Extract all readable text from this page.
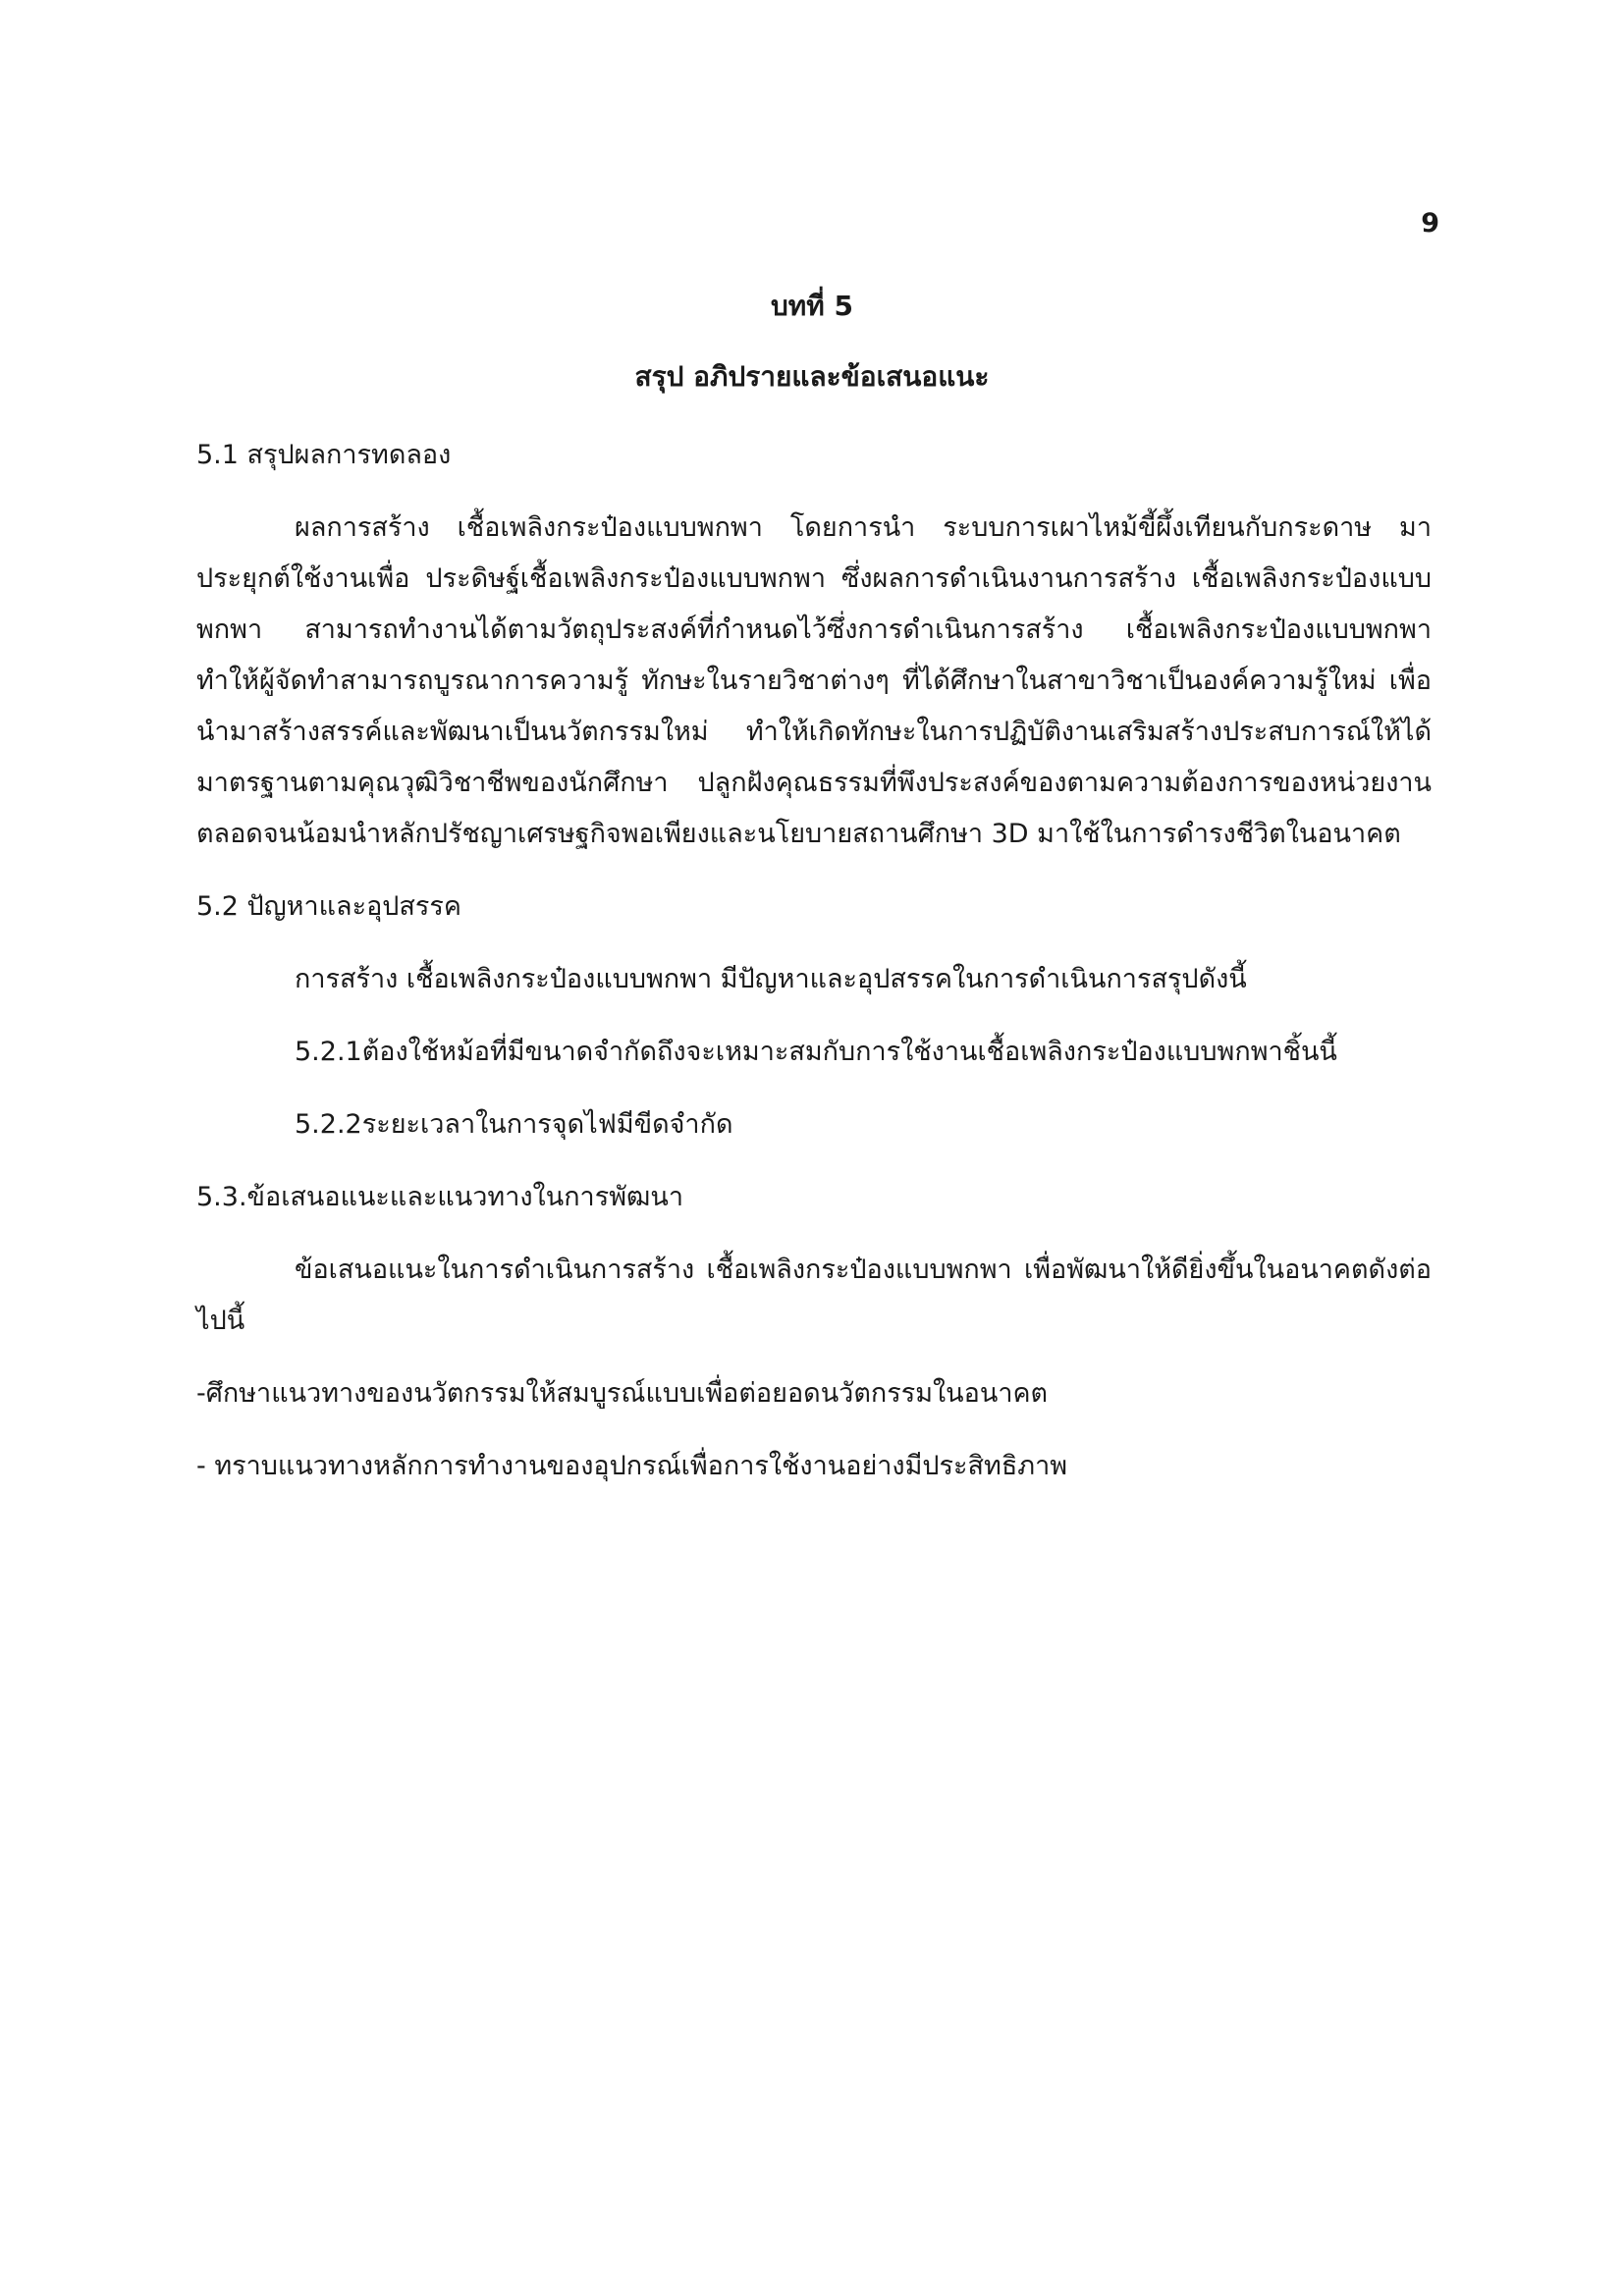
9
บทที่ 5
สรุป อภิปรายและข้อเสนอแนะ

5.1 สรุปผลการทดลอง

ผลการสร้าง เชื้อเพลิงกระป๋องแบบพกพา โดยการนำ ระบบการเผาไหม้ขี้ผึ้งเทียนกับกระดาษ มาประยุกต์ใช้งานเพื่อ ประดิษฐ์เชื้อเพลิงกระป๋องแบบพกพา ซึ่งผลการดำเนินงานการสร้าง เชื้อเพลิงกระป๋องแบบพกพา สามารถทำงานได้ตามวัตถุประสงค์ที่กำหนดไว้ซึ่งการดำเนินการสร้าง เชื้อเพลิงกระป๋องแบบพกพา ทำให้ผู้จัดทำสามารถบูรณาการความรู้ ทักษะในรายวิชาต่างๆ ที่ได้ศึกษาในสาขาวิชาเป็นองค์ความรู้ใหม่ เพื่อนำมาสร้างสรรค์และพัฒนาเป็นนวัตกรรมใหม่ ทำให้เกิดทักษะในการปฏิบัติงานเสริมสร้างประสบการณ์ให้ได้มาตรฐานตามคุณวุฒิวิชาชีพของนักศึกษา ปลูกฝังคุณธรรมที่พึงประสงค์ของตามความต้องการของหน่วยงาน ตลอดจนน้อมนำหลักปรัชญาเศรษฐกิจพอเพียงและนโยบายสถานศึกษา 3D มาใช้ในการดำรงชีวิตในอนาคต

5.2 ปัญหาและอุปสรรค

การสร้าง เชื้อเพลิงกระป๋องแบบพกพา มีปัญหาและอุปสรรคในการดำเนินการสรุปดังนี้

5.2.1ต้องใช้หม้อที่มีขนาดจำกัดถึงจะเหมาะสมกับการใช้งานเชื้อเพลิงกระป๋องแบบพกพาชิ้นนี้

5.2.2ระยะเวลาในการจุดไฟมีขีดจำกัด

5.3.ข้อเสนอแนะและแนวทางในการพัฒนา

ข้อเสนอแนะในการดำเนินการสร้าง เชื้อเพลิงกระป๋องแบบพกพา เพื่อพัฒนาให้ดียิ่งขึ้นในอนาคตดังต่อไปนี้

-ศึกษาแนวทางของนวัตกรรมให้สมบูรณ์แบบเพื่อต่อยอดนวัตกรรมในอนาคต

- ทราบแนวทางหลักการทำงานของอุปกรณ์เพื่อการใช้งานอย่างมีประสิทธิภาพ
